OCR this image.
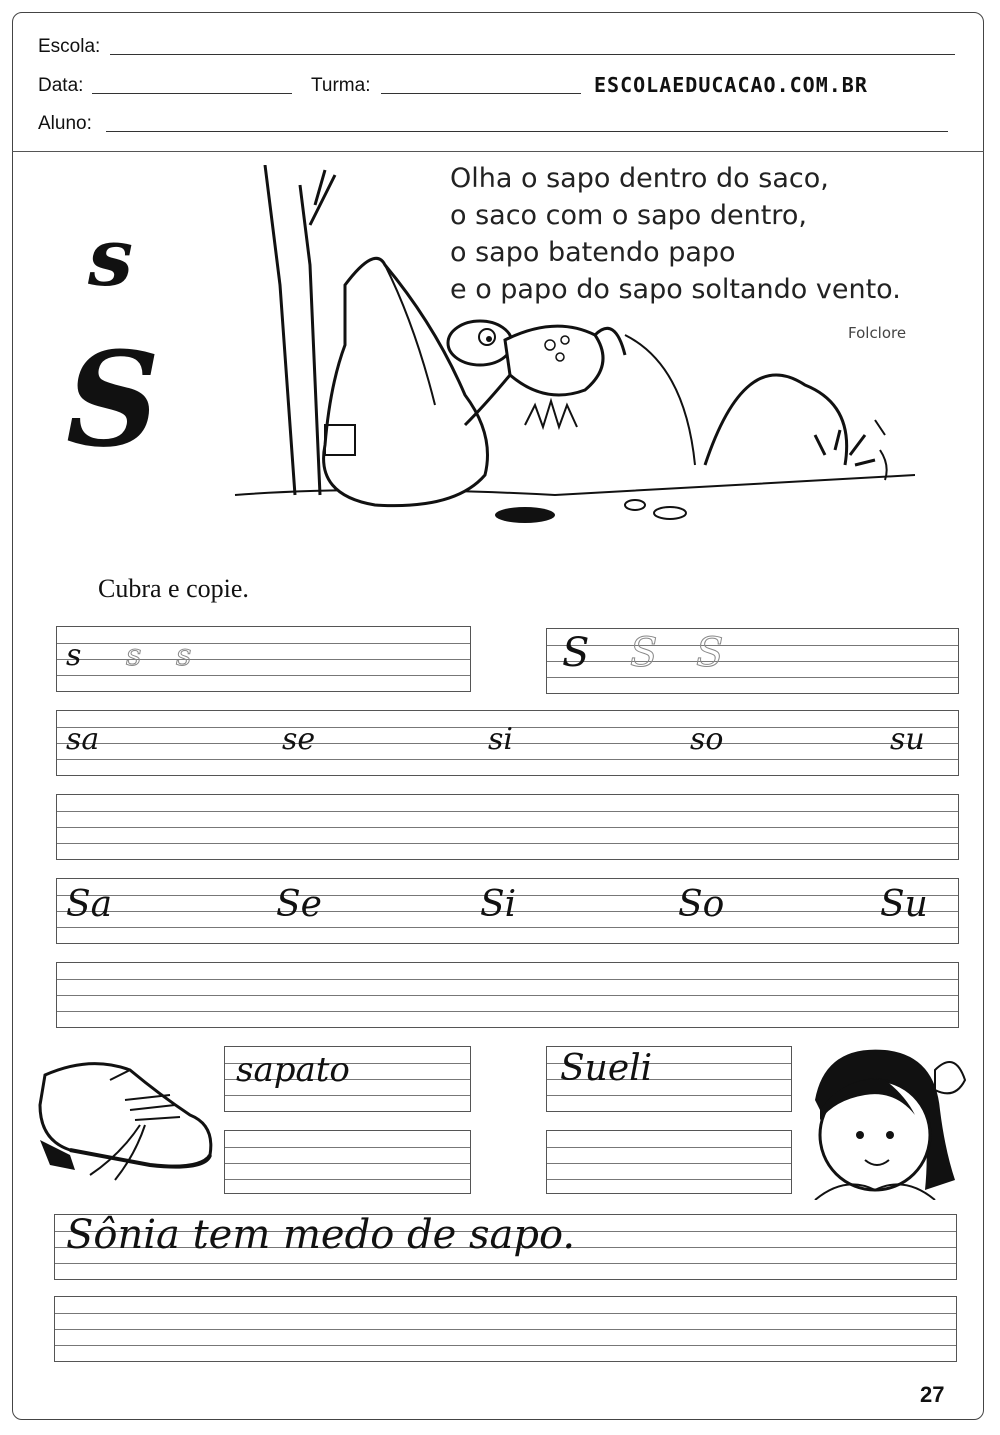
Escola:
Data:	Turma:	ESCOLAEDUCACAO.COM.BR
Aluno:
s
S
Olha o sapo dentro do saco,
o saco com o sapo dentro,
o sapo batendo papo
e o papo do sapo soltando vento.
Folclore
Cubra e copie.
s s s	S S S
sa	se	si	so	su
Sa	Se	Si	So	Su
sapato	Sueli
Sônia tem medo de sapo.
27
